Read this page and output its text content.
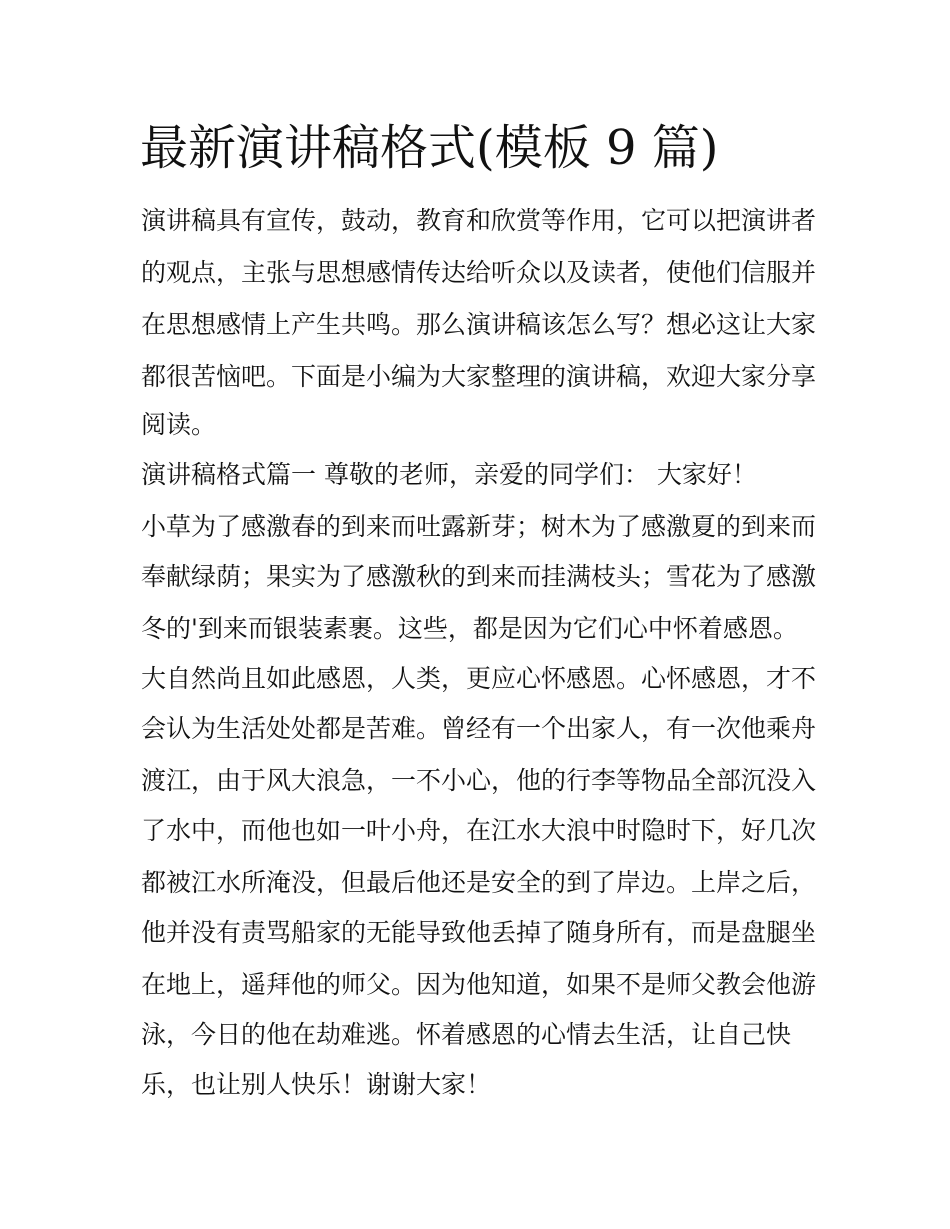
最新演讲稿格式(模板 9 篇)

演讲稿具有宣传，鼓动，教育和欣赏等作用，它可以把演讲者

的观点，主张与思想感情传达给听众以及读者，使他们信服并

在思想感情上产生共鸣。那么演讲稿该怎么写？想必这让大家

都很苦恼吧。下面是小编为大家整理的演讲稿，欢迎大家分享

阅读。

演讲稿格式篇一 尊敬的老师，亲爱的同学们： 大家好！

小草为了感激春的到来而吐露新芽；树木为了感激夏的到来而

奉献绿荫；果实为了感激秋的到来而挂满枝头；雪花为了感激

冬的'到来而银装素裹。这些，都是因为它们心中怀着感恩。

大自然尚且如此感恩，人类，更应心怀感恩。心怀感恩，才不

会认为生活处处都是苦难。曾经有一个出家人，有一次他乘舟

渡江，由于风大浪急，一不小心，他的行李等物品全部沉没入

了水中，而他也如一叶小舟，在江水大浪中时隐时下，好几次

都被江水所淹没，但最后他还是安全的到了岸边。上岸之后，

他并没有责骂船家的无能导致他丢掉了随身所有，而是盘腿坐

在地上，遥拜他的师父。因为他知道，如果不是师父教会他游

泳，今日的他在劫难逃。怀着感恩的心情去生活，让自己快

乐，也让别人快乐！谢谢大家！
